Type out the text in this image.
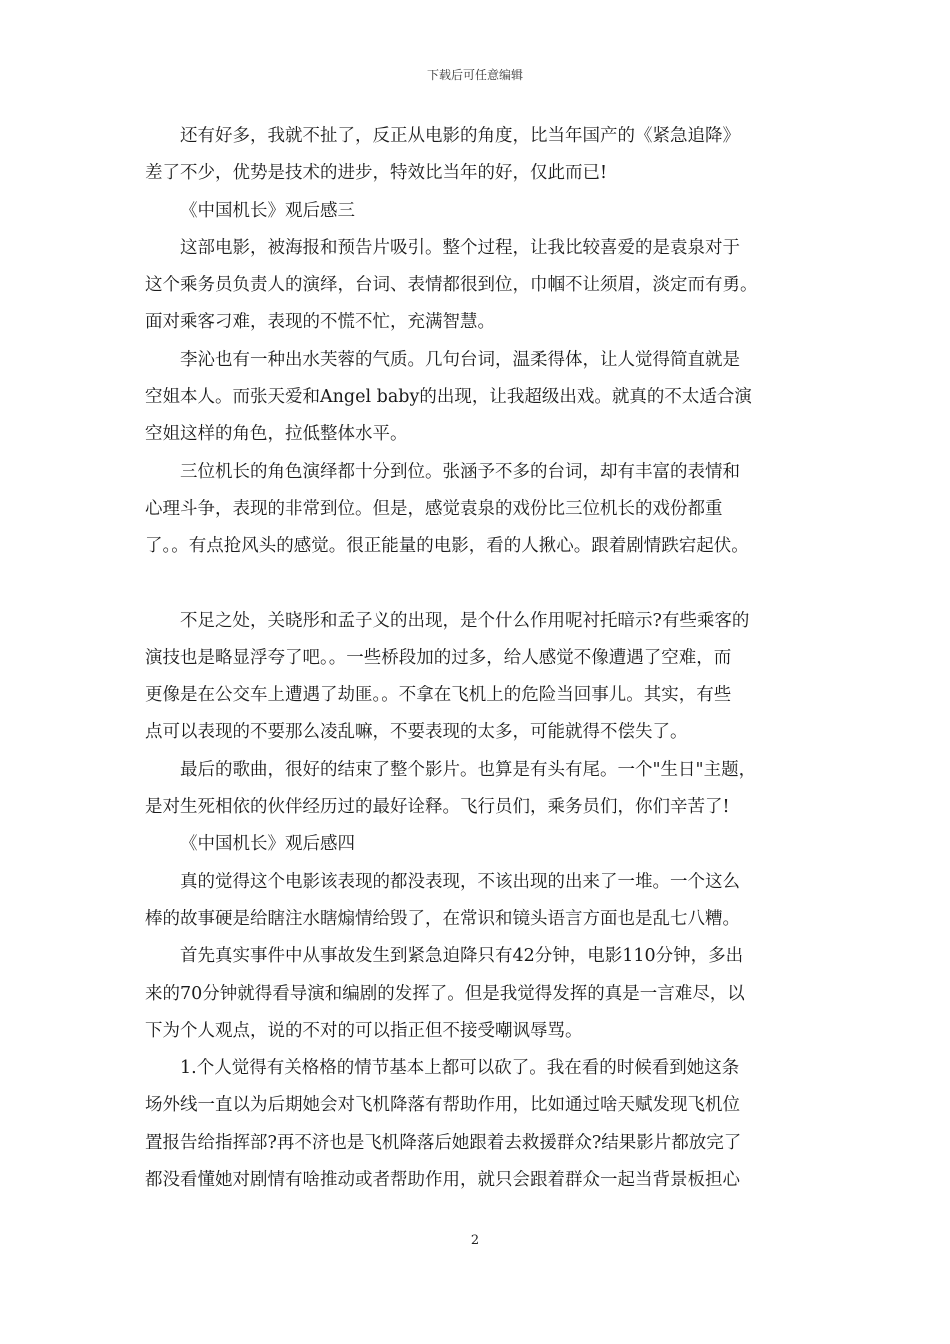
下载后可任意编辑
还有好多，我就不扯了，反正从电影的角度，比当年国产的《紧急追降》
差了不少，优势是技术的进步，特效比当年的好，仅此而已!
《中国机长》观后感三
这部电影，被海报和预告片吸引。整个过程，让我比较喜爱的是袁泉对于
这个乘务员负责人的演绎，台词、表情都很到位，巾帼不让须眉，淡定而有勇。
面对乘客刁难，表现的不慌不忙，充满智慧。
李沁也有一种出水芙蓉的气质。几句台词，温柔得体，让人觉得简直就是
空姐本人。而张天爱和Angel baby的出现，让我超级出戏。就真的不太适合演
空姐这样的角色，拉低整体水平。
三位机长的角色演绎都十分到位。张涵予不多的台词，却有丰富的表情和
心理斗争，表现的非常到位。但是，感觉袁泉的戏份比三位机长的戏份都重
了。。有点抢风头的感觉。很正能量的电影，看的人揪心。跟着剧情跌宕起伏。
不足之处，关晓彤和孟子义的出现，是个什么作用呢衬托暗示?有些乘客的
演技也是略显浮夸了吧。。一些桥段加的过多，给人感觉不像遭遇了空难，而
更像是在公交车上遭遇了劫匪。。不拿在飞机上的危险当回事儿。其实，有些
点可以表现的不要那么凌乱嘛，不要表现的太多，可能就得不偿失了。
最后的歌曲，很好的结束了整个影片。也算是有头有尾。一个"生日"主题，
是对生死相依的伙伴经历过的最好诠释。飞行员们，乘务员们，你们辛苦了!
《中国机长》观后感四
真的觉得这个电影该表现的都没表现，不该出现的出来了一堆。一个这么
棒的故事硬是给瞎注水瞎煽情给毁了，在常识和镜头语言方面也是乱七八糟。
首先真实事件中从事故发生到紧急迫降只有42分钟，电影110分钟，多出
来的70分钟就得看导演和编剧的发挥了。但是我觉得发挥的真是一言难尽，以
下为个人观点，说的不对的可以指正但不接受嘲讽辱骂。
1.个人觉得有关格格的情节基本上都可以砍了。我在看的时候看到她这条
场外线一直以为后期她会对飞机降落有帮助作用，比如通过啥天赋发现飞机位
置报告给指挥部?再不济也是飞机降落后她跟着去救援群众?结果影片都放完了
都没看懂她对剧情有啥推动或者帮助作用，就只会跟着群众一起当背景板担心
2
